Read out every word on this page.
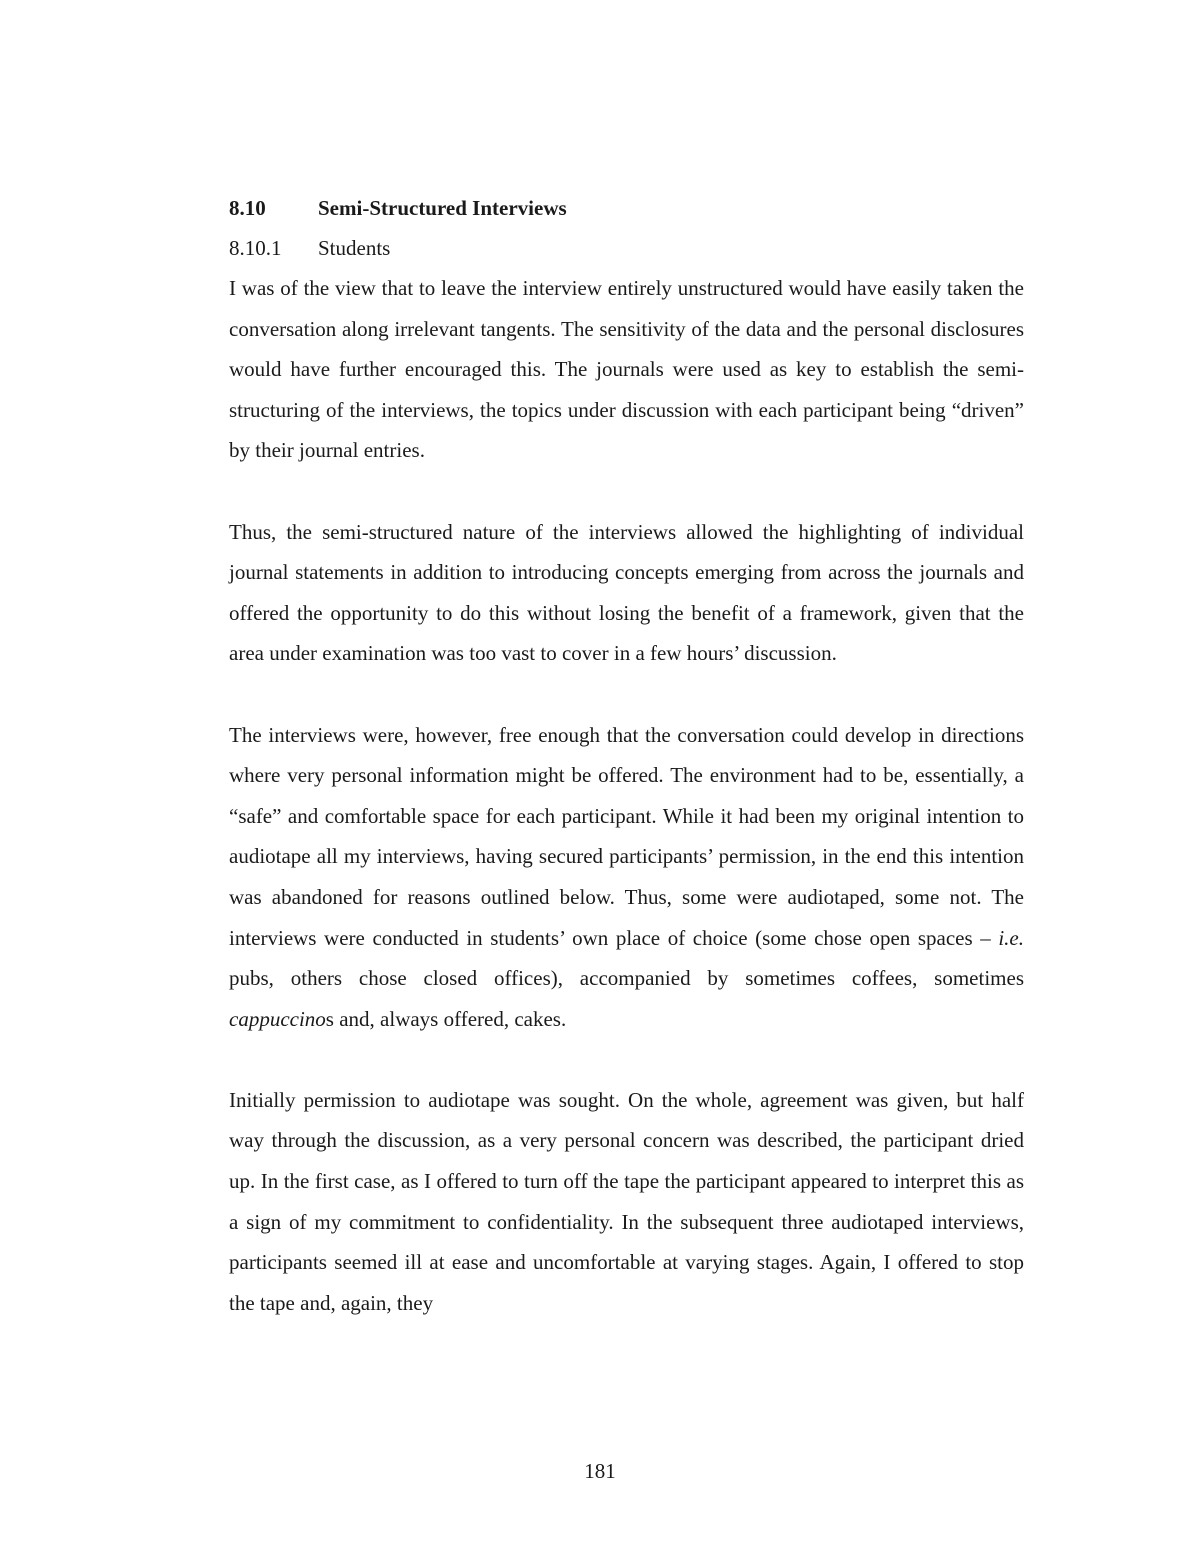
8.10	Semi-Structured Interviews
8.10.1	Students

I was of the view that to leave the interview entirely unstructured would have easily taken the conversation along irrelevant tangents. The sensitivity of the data and the personal disclosures would have further encouraged this. The journals were used as key to establish the semi-structuring of the interviews, the topics under discussion with each participant being “driven” by their journal entries.

Thus, the semi-structured nature of the interviews allowed the highlighting of individual journal statements in addition to introducing concepts emerging from across the journals and offered the opportunity to do this without losing the benefit of a framework, given that the area under examination was too vast to cover in a few hours’ discussion.

The interviews were, however, free enough that the conversation could develop in directions where very personal information might be offered. The environment had to be, essentially, a “safe” and comfortable space for each participant. While it had been my original intention to audiotape all my interviews, having secured participants’ permission, in the end this intention was abandoned for reasons outlined below. Thus, some were audiotaped, some not. The interviews were conducted in students’ own place of choice (some chose open spaces – i.e. pubs, others chose closed offices), accompanied by sometimes coffees, sometimes cappuccinos and, always offered, cakes.

Initially permission to audiotape was sought. On the whole, agreement was given, but half way through the discussion, as a very personal concern was described, the participant dried up. In the first case, as I offered to turn off the tape the participant appeared to interpret this as a sign of my commitment to confidentiality. In the subsequent three audiotaped interviews, participants seemed ill at ease and uncomfortable at varying stages. Again, I offered to stop the tape and, again, they

181
